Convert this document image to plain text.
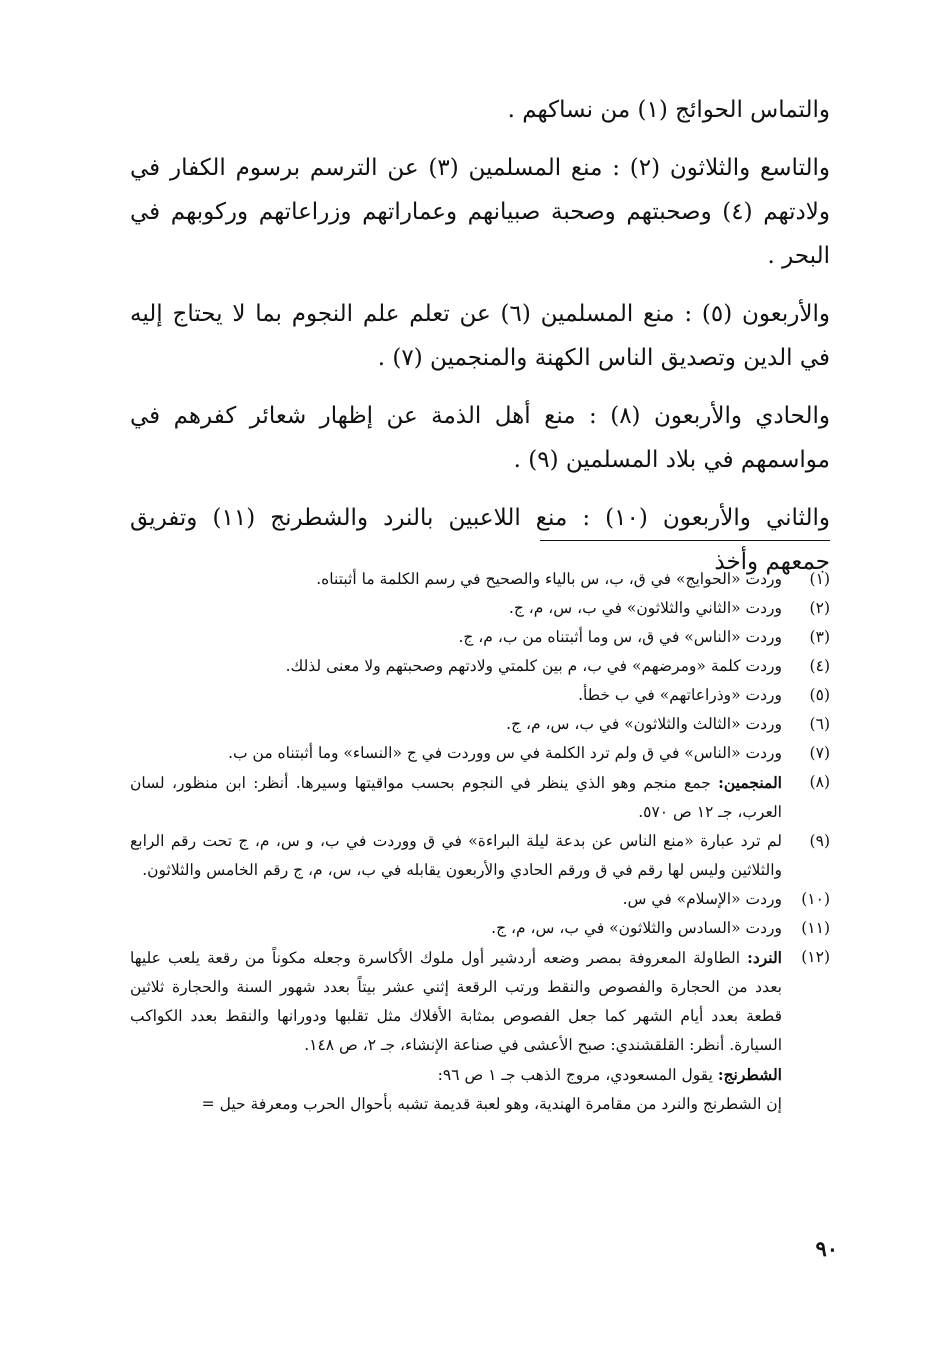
والتماس الحوائج (١) من نساكهم .

والتاسع والثلاثون (٢) : منع المسلمين (٣) عن الترسم برسوم الكفار في ولادتهم (٤) وصحبتهم وصحبة صبيانهم وعماراتهم وزراعاتهم وركوبهم في البحر .

والأربعون (٥) : منع المسلمين (٦) عن تعلم علم النجوم بما لا يحتاج إليه في الدين وتصديق الناس الكهنة والمنجمين (٧) .

والحادي والأربعون (٨) : منع أهل الذمة عن إظهار شعائر كفرهم في مواسمهم في بلاد المسلمين (٩) .

والثاني والأربعون (١٠) : منع اللاعبين بالنرد والشطرنج (١١) وتفريق جمعهم وأخذ

(١)
وردت «الحوايج» في ق، ب، س بالياء والصحيح في رسم الكلمة ما أثبتناه.
(٢)
وردت «الثاني والثلاثون» في ب، س، م، ج.
(٣)
وردت «الناس» في ق، س وما أثبتناه من ب، م، ج.
(٤)
وردت كلمة «ومرضهم» في ب، م بين كلمتي ولادتهم وصحبتهم ولا معنى لذلك.
(٥)
وردت «وذراعاتهم» في ب خطأ.
(٦)
وردت «الثالث والثلاثون» في ب، س، م، ج.
(٧)
وردت «الناس» في ق ولم ترد الكلمة في س ووردت في ج «النساء» وما أثبتناه من ب.
(٨)
المنجمين: جمع منجم وهو الذي ينظر في النجوم بحسب مواقيتها وسيرها. أنظر: ابن منظور، لسان العرب، جـ ١٢ ص ٥٧٠.
(٩)
لم ترد عبارة «منع الناس عن بدعة ليلة البراءة» في ق ووردت في ب، و س، م، ج تحت رقم الرابع والثلاثين وليس لها رقم في ق ورقم الحادي والأربعون يقابله في ب، س، م، ج رقم الخامس والثلاثون.
(١٠)
وردت «الإسلام» في س.
(١١)
وردت «السادس والثلاثون» في ب، س، م، ج.
(١٢)
النرد: الطاولة المعروفة بمصر وضعه أردشير أول ملوك الأكاسرة وجعله مكوناً من رقعة يلعب عليها بعدد من الحجارة والفصوص والنقط ورتب الرقعة إثني عشر بيتاً بعدد شهور السنة والحجارة ثلاثين قطعة بعدد أيام الشهر كما جعل الفصوص بمثابة الأفلاك مثل تقلبها ودورانها والنقط بعدد الكواكب السيارة. أنظر: القلقشندي: صبح الأعشى في صناعة الإنشاء، جـ ٢، ص ١٤٨.
الشطرنج: يقول المسعودي، مروج الذهب جـ ١ ص ٩٦:
إن الشطرنج والنرد من مقامرة الهندية، وهو لعبة قديمة تشبه بأحوال الحرب ومعرفة حيل =
٩٠
